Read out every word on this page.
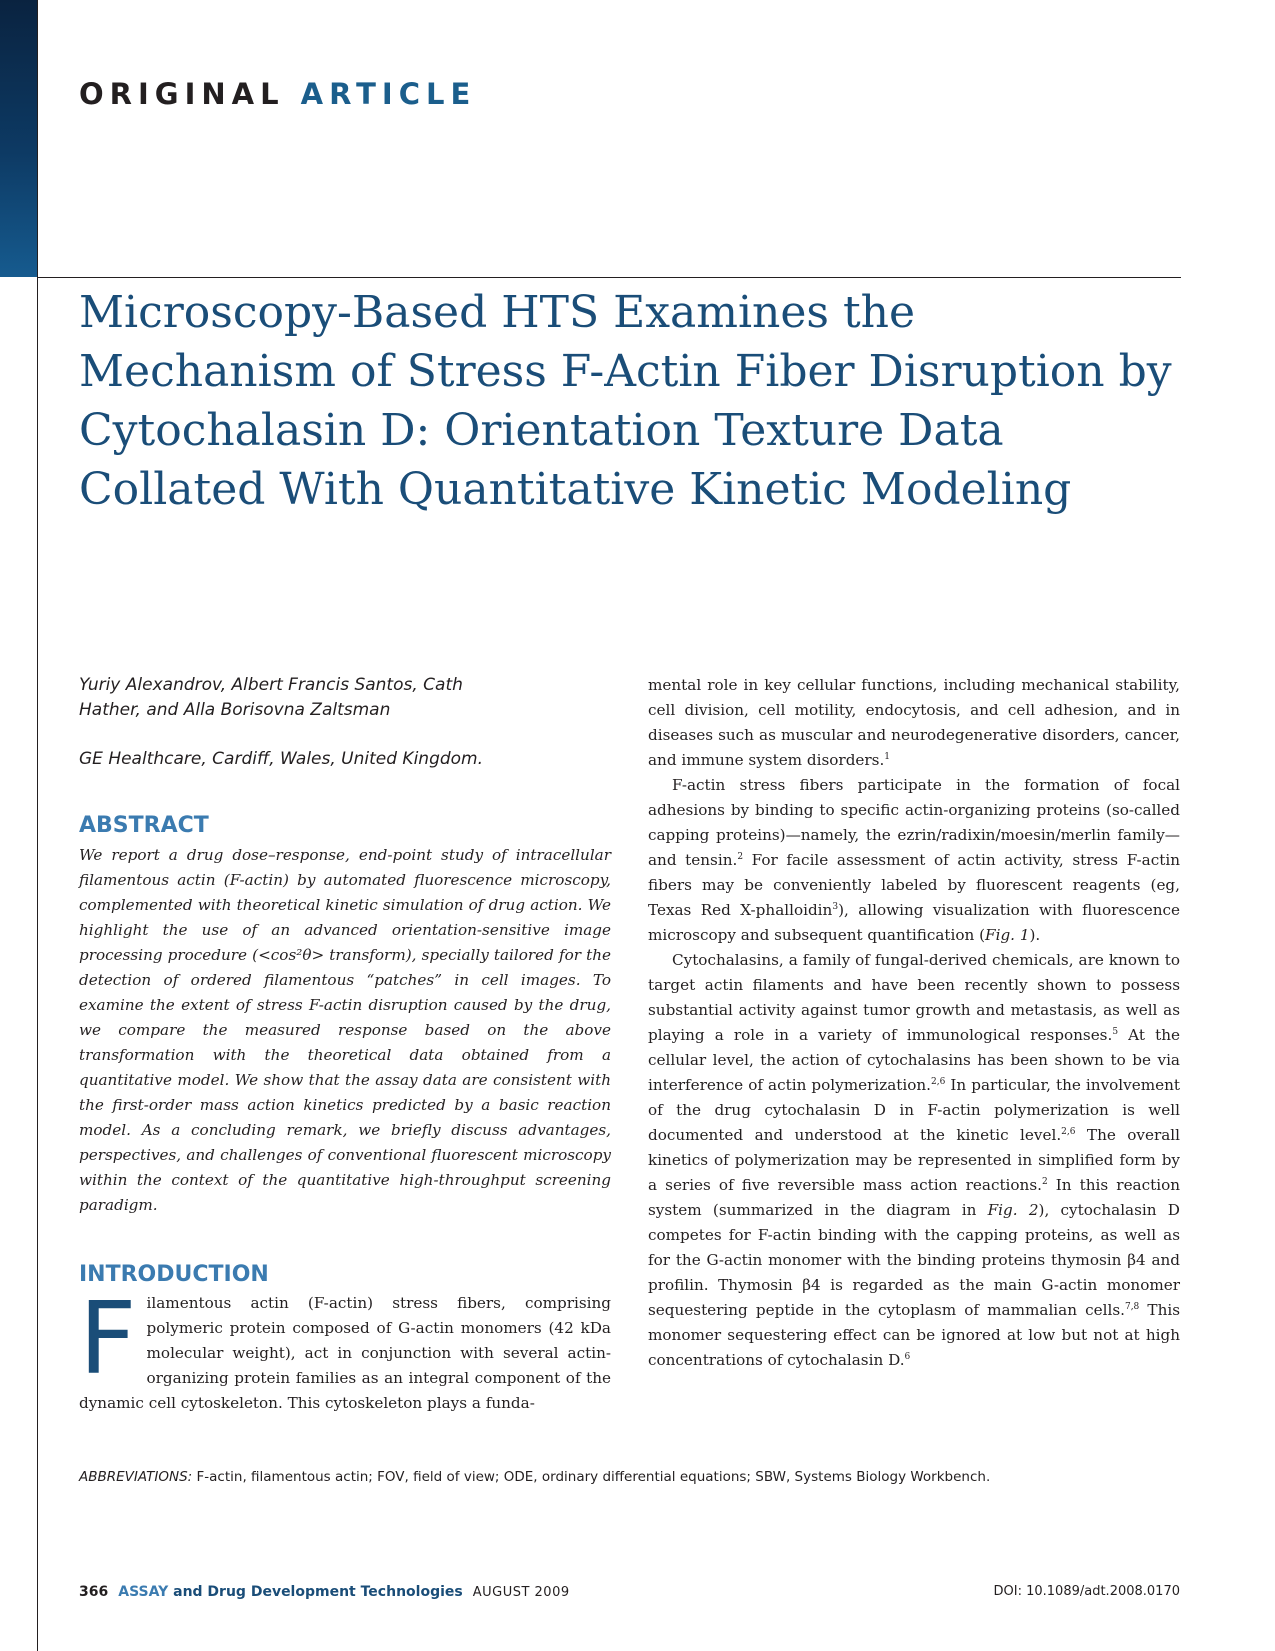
ORIGINAL ARTICLE
Microscopy-Based HTS Examines the Mechanism of Stress F-Actin Fiber Disruption by Cytochalasin D: Orientation Texture Data Collated With Quantitative Kinetic Modeling

Yuriy Alexandrov, Albert Francis Santos, Cath Hather, and Alla Borisovna Zaltsman

GE Healthcare, Cardiff, Wales, United Kingdom.

ABSTRACT

We report a drug dose–response, end-point study of intracellular filamentous actin (F-actin) by automated fluorescence microscopy, complemented with theoretical kinetic simulation of drug action. We highlight the use of an advanced orientation-sensitive image processing procedure (<cos²θ> transform), specially tailored for the detection of ordered filamentous “patches” in cell images. To examine the extent of stress F-actin disruption caused by the drug, we compare the measured response based on the above transformation with the theoretical data obtained from a quantitative model. We show that the assay data are consistent with the first-order mass action kinetics predicted by a basic reaction model. As a concluding remark, we briefly discuss advantages, perspectives, and challenges of conventional fluorescent microscopy within the context of the quantitative high-throughput screening paradigm.

INTRODUCTION

Filamentous actin (F-actin) stress fibers, comprising polymeric protein composed of G-actin monomers (42 kDa molecular weight), act in conjunction with several actin-organizing protein families as an integral component of the dynamic cell cytoskeleton. This cytoskeleton plays a funda-

mental role in key cellular functions, including mechanical stability, cell division, cell motility, endocytosis, and cell adhesion, and in diseases such as muscular and neurodegenerative disorders, cancer, and immune system disorders.$^1$

F-actin stress fibers participate in the formation of focal adhesions by binding to specific actin-organizing proteins (so-called capping proteins)—namely, the ezrin/radixin/moesin/merlin family—and tensin.$^2$ For facile assessment of actin activity, stress F-actin fibers may be conveniently labeled by fluorescent reagents (eg, Texas Red X-phalloidin$^3$), allowing visualization with fluorescence microscopy and subsequent quantification (Fig. 1).

Cytochalasins, a family of fungal-derived chemicals, are known to target actin filaments and have been recently shown to possess substantial activity against tumor growth and metastasis, as well as playing a role in a variety of immunological responses.$^5$ At the cellular level, the action of cytochalasins has been shown to be via interference of actin polymerization.$^{2,6}$ In particular, the involvement of the drug cytochalasin D in F-actin polymerization is well documented and understood at the kinetic level.$^{2,6}$ The overall kinetics of polymerization may be represented in simplified form by a series of five reversible mass action reactions.$^2$ In this reaction system (summarized in the diagram in Fig. 2), cytochalasin D competes for F-actin binding with the capping proteins, as well as for the G-actin monomer with the binding proteins thymosin β4 and profilin. Thymosin β4 is regarded as the main G-actin monomer sequestering peptide in the cytoplasm of mammalian cells.$^{7,8}$ This monomer sequestering effect can be ignored at low but not at high concentrations of cytochalasin D.$^6$

ABBREVIATIONS: F-actin, filamentous actin; FOV, field of view; ODE, ordinary differential equations; SBW, Systems Biology Workbench.

366 ASSAY and Drug Development Technologies AUGUST 2009	DOI: 10.1089/adt.2008.0170
